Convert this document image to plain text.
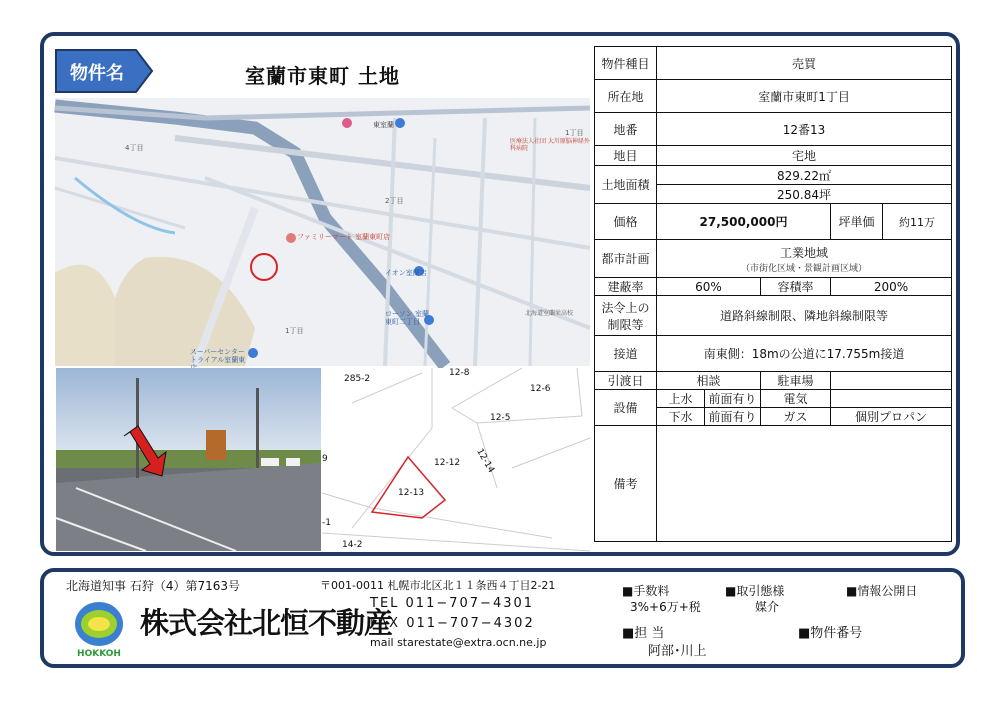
物件名	室蘭市東町 土地
ファミリーマート 室蘭東町店
イオン室蘭店
ローソン 室蘭東町二丁目
スーパーセンター トライアル室蘭東
東室蘭
医療法人社団 大川原脳神経外科病院
北海道室蘭栄高校
2丁目
1丁目
4丁目
1丁目
285-2
12-8
12-6
12-5
12-12 12-14
12-13
9
-1
14-2
物件種目	売買				
所在地	室蘭市東町1丁目				
地番	12番13				
地目	宅地				
土地面積	829.22㎡				
	250.84坪				
価格	27,500,000円			坪単価	約11万
都市計画	工業地域
（市街化区域・景観計画区域）				

建蔽率	60%		容積率	200%	

法令上の
制限等	道路斜線制限、隣地斜線制限等				
接道	南東側：18mの公道に17.755m接道				
引渡日	相談		駐車場		
設備	上水	前面有り	電気		
	下水	前面有り	ガス	個別プロパン	
備考					
北海道知事 石狩（4）第7163号	〒001-0011 札幌市北区北１１条西４丁目2-21
HOKKOH
株式会社北恒不動産
TEL 011−707−4301
FAX 011−707−4302
mail starestate@extra.ocn.ne.jp
■手数料
3%+6万+税
■取引態様
媒介
■情報公開日
■担 当
阿部･川上
■物件番号
